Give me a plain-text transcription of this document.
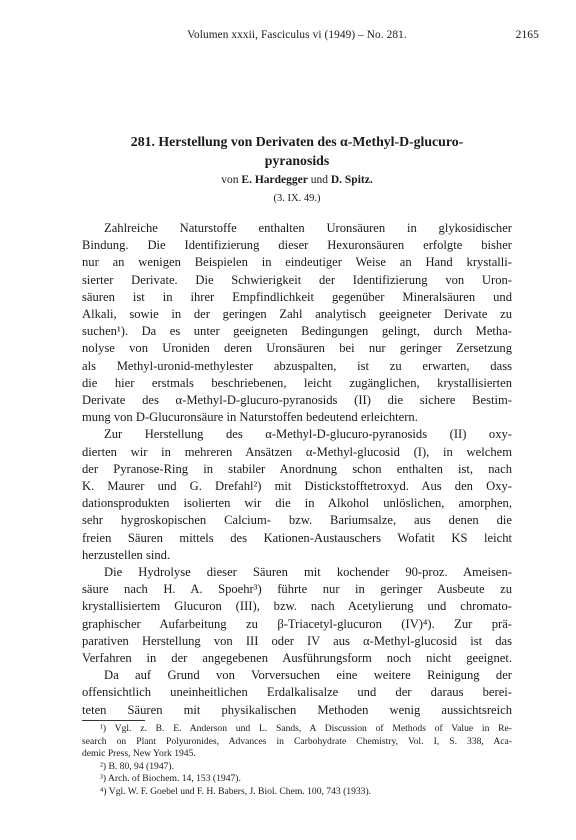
Volumen xxxii, Fasciculus vi (1949) – No. 281.	2165
281. Herstellung von Derivaten des α-Methyl-D-glucuro-
pyranosids
von E. Hardegger und D. Spitz.
(3. IX. 49.)
Zahlreiche Naturstoffe enthalten Uronsäuren in glykosidischer
Bindung. Die Identifizierung dieser Hexuronsäuren erfolgte bisher
nur an wenigen Beispielen in eindeutiger Weise an Hand krystalli-
sierter Derivate. Die Schwierigkeit der Identifizierung von Uron-
säuren ist in ihrer Empfindlichkeit gegenüber Mineralsäuren und
Alkali, sowie in der geringen Zahl analytisch geeigneter Derivate zu
suchen¹). Da es unter geeigneten Bedingungen gelingt, durch Metha-
nolyse von Uroniden deren Uronsäuren bei nur geringer Zersetzung
als Methyl-uronid-methylester abzuspalten, ist zu erwarten, dass
die hier erstmals beschriebenen, leicht zugänglichen, krystallisierten
Derivate des α-Methyl-D-glucuro-pyranosids (II) die sichere Bestim-
mung von D-Glucuronsäure in Naturstoffen bedeutend erleichtern.
Zur Herstellung des α-Methyl-D-glucuro-pyranosids (II) oxy-
dierten wir in mehreren Ansätzen α-Methyl-glucosid (I), in welchem
der Pyranose-Ring in stabiler Anordnung schon enthalten ist, nach
K. Maurer und G. Drefahl²) mit Distickstofftetroxyd. Aus den Oxy-
dationsprodukten isolierten wir die in Alkohol unlöslichen, amorphen,
sehr hygroskopischen Calcium- bzw. Bariumsalze, aus denen die
freien Säuren mittels des Kationen-Austauschers Wofatit KS leicht
herzustellen sind.
Die Hydrolyse dieser Säuren mit kochender 90-proz. Ameisen-
säure nach H. A. Spoehr³) führte nur in geringer Ausbeute zu
krystallisiertem Glucuron (III), bzw. nach Acetylierung und chromato-
graphischer Aufarbeitung zu β-Triacetyl-glucuron (IV)⁴). Zur prä-
parativen Herstellung von III oder IV aus α-Methyl-glucosid ist das
Verfahren in der angegebenen Ausführungsform noch nicht geeignet.
Da auf Grund von Vorversuchen eine weitere Reinigung der
offensichtlich uneinheitlichen Erdalkalisalze und der daraus berei-
teten Säuren mit physikalischen Methoden wenig aussichtsreich
¹) Vgl. z. B. E. Anderson und L. Sands, A Discussion of Methods of Value in Re-
search on Plant Polyuronides, Advances in Carbohydrate Chemistry, Vol. I, S. 338, Aca-
demic Press, New York 1945.
²) B. 80, 94 (1947).
³) Arch. of Biochem. 14, 153 (1947).
⁴) Vgl. W. F. Goebel und F. H. Babers, J. Biol. Chem. 100, 743 (1933).
